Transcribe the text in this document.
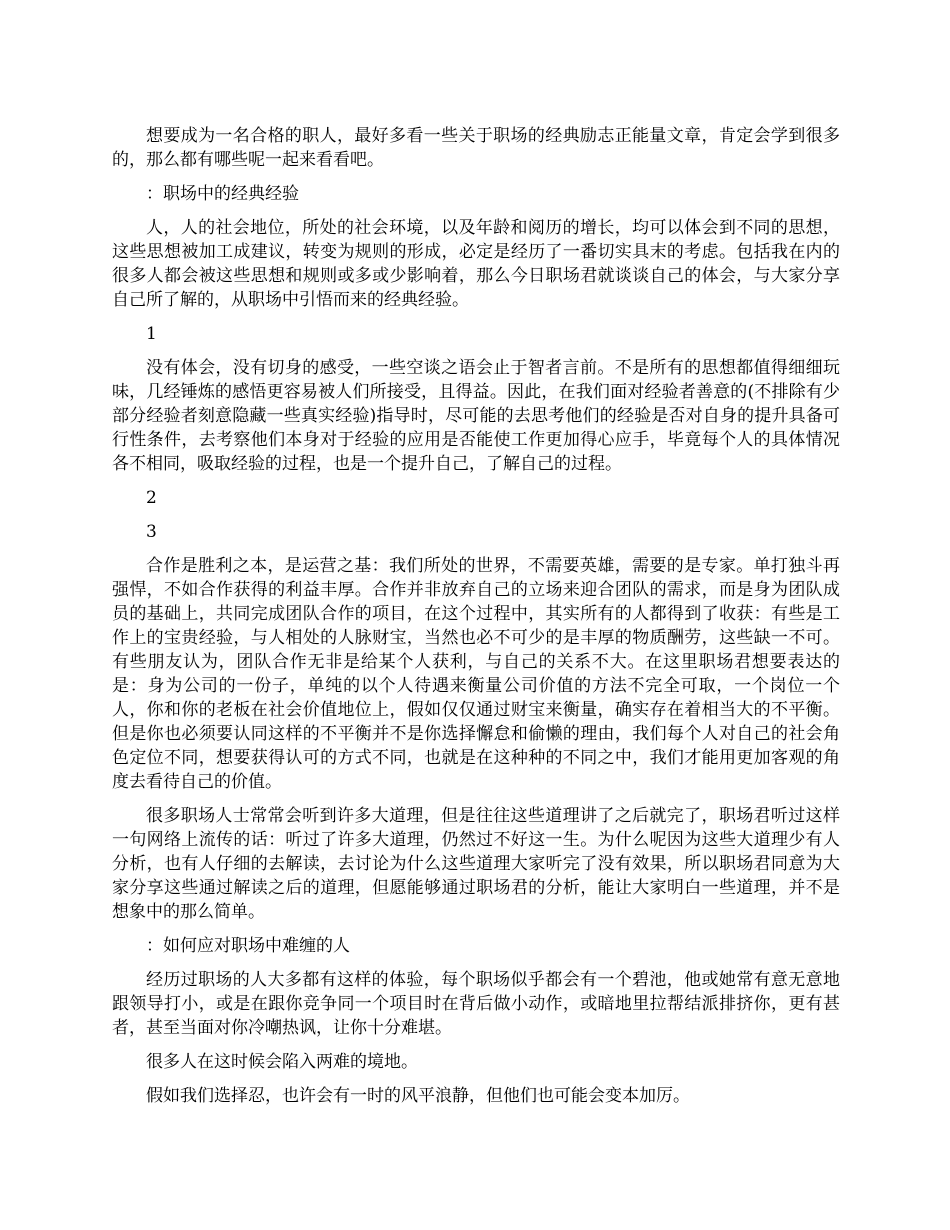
想要成为一名合格的职人，最好多看一些关于职场的经典励志正能量文章，肯定会学到很多的，那么都有哪些呢一起来看看吧。

：职场中的经典经验

人，人的社会地位，所处的社会环境，以及年龄和阅历的增长，均可以体会到不同的思想，这些思想被加工成建议，转变为规则的形成，必定是经历了一番切实具末的考虑。包括我在内的很多人都会被这些思想和规则或多或少影响着，那么今日职场君就谈谈自己的体会，与大家分享自己所了解的，从职场中引悟而来的经典经验。

1

没有体会，没有切身的感受，一些空谈之语会止于智者言前。不是所有的思想都值得细细玩味，几经锤炼的感悟更容易被人们所接受，且得益。因此，在我们面对经验者善意的(不排除有少部分经验者刻意隐藏一些真实经验)指导时，尽可能的去思考他们的经验是否对自身的提升具备可行性条件，去考察他们本身对于经验的应用是否能使工作更加得心应手，毕竟每个人的具体情况各不相同，吸取经验的过程，也是一个提升自己，了解自己的过程。

2

3

合作是胜利之本，是运营之基：我们所处的世界，不需要英雄，需要的是专家。单打独斗再强悍，不如合作获得的利益丰厚。合作并非放弃自己的立场来迎合团队的需求，而是身为团队成员的基础上，共同完成团队合作的项目，在这个过程中，其实所有的人都得到了收获：有些是工作上的宝贵经验，与人相处的人脉财宝，当然也必不可少的是丰厚的物质酬劳，这些缺一不可。有些朋友认为，团队合作无非是给某个人获利，与自己的关系不大。在这里职场君想要表达的是：身为公司的一份子，单纯的以个人待遇来衡量公司价值的方法不完全可取，一个岗位一个人，你和你的老板在社会价值地位上，假如仅仅通过财宝来衡量，确实存在着相当大的不平衡。但是你也必须要认同这样的不平衡并不是你选择懈怠和偷懒的理由，我们每个人对自己的社会角色定位不同，想要获得认可的方式不同，也就是在这种种的不同之中，我们才能用更加客观的角度去看待自己的价值。

很多职场人士常常会听到许多大道理，但是往往这些道理讲了之后就完了，职场君听过这样一句网络上流传的话：听过了许多大道理，仍然过不好这一生。为什么呢因为这些大道理少有人分析，也有人仔细的去解读，去讨论为什么这些道理大家听完了没有效果，所以职场君同意为大家分享这些通过解读之后的道理，但愿能够通过职场君的分析，能让大家明白一些道理，并不是想象中的那么简单。

：如何应对职场中难缠的人

经历过职场的人大多都有这样的体验，每个职场似乎都会有一个碧池，他或她常有意无意地跟领导打小，或是在跟你竞争同一个项目时在背后做小动作，或暗地里拉帮结派排挤你，更有甚者，甚至当面对你冷嘲热讽，让你十分难堪。

很多人在这时候会陷入两难的境地。

假如我们选择忍，也许会有一时的风平浪静，但他们也可能会变本加厉。
